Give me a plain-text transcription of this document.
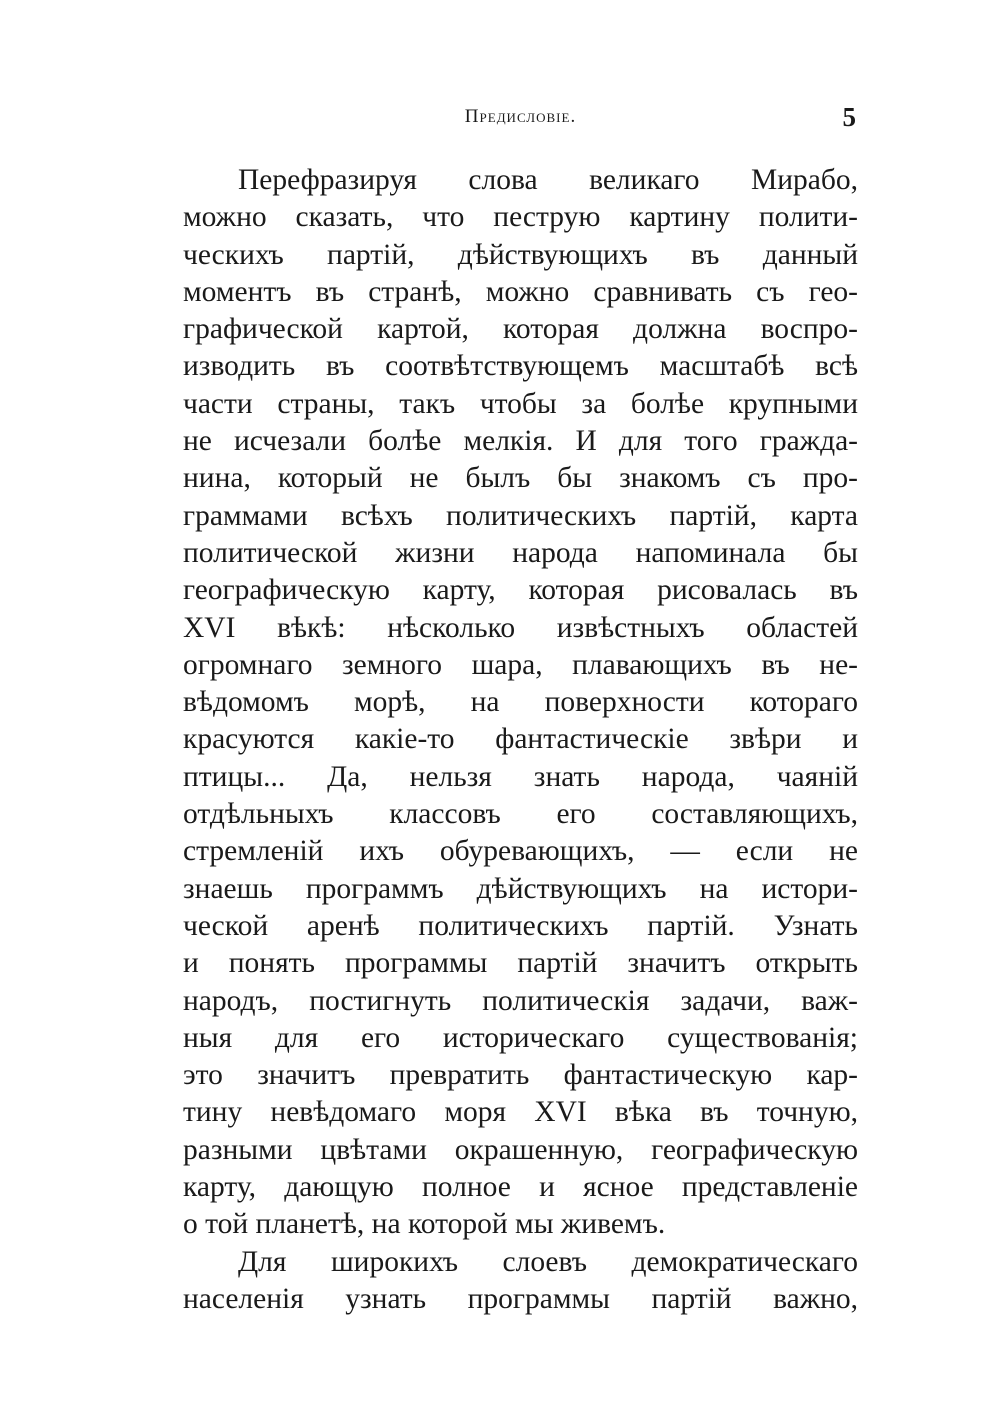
Предисловіе.	5
Перефразируя слова великаго Мирабо,
можно сказать, что пеструю картину полити-
ческихъ партій, дѣйствующихъ въ данный
моментъ въ странѣ, можно сравнивать съ гео-
графической картой, которая должна воспро-
изводить въ соотвѣтствующемъ масштабѣ всѣ
части страны, такъ чтобы за болѣе крупными
не исчезали болѣе мелкія. И для того гражда-
нина, который не былъ бы знакомъ съ про-
граммами всѣхъ политическихъ партій, карта
политической жизни народа напоминала бы
географическую карту, которая рисовалась въ
XVI вѣкѣ: нѣсколько извѣстныхъ областей
огромнаго земного шара, плавающихъ въ не-
вѣдомомъ морѣ, на поверхности котораго
красуются какіе-то фантастическіе звѣри и
птицы... Да, нельзя знать народа, чаяній
отдѣльныхъ классовъ его составляющихъ,
стремленій ихъ обуревающихъ, — если не
знаешь программъ дѣйствующихъ на истори-
ческой аренѣ политическихъ партій. Узнать
и понять программы партій значитъ открыть
народъ, постигнуть политическія задачи, важ-
ныя для его историческаго существованія;
это значитъ превратить фантастическую кар-
тину невѣдомаго моря XVI вѣка въ точную,
разными цвѣтами окрашенную, географическую
карту, дающую полное и ясное представленіе
о той планетѣ, на которой мы живемъ.
Для широкихъ слоевъ демократическаго
населенія узнать программы партій важно,
